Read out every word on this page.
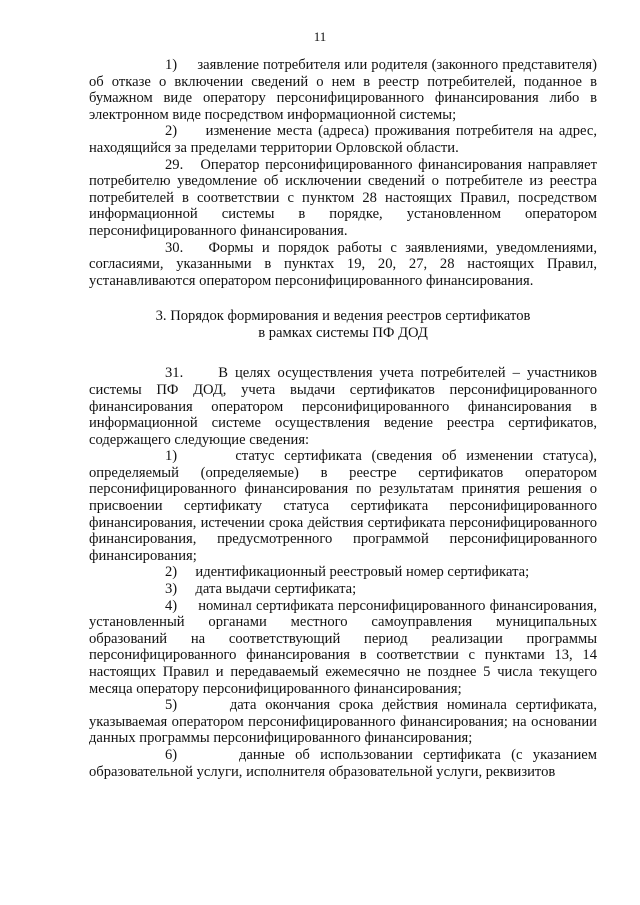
11

1) заявление потребителя или родителя (законного представителя) об отказе о включении сведений о нем в реестр потребителей, поданное в бумажном виде оператору персонифицированного финансирования либо в электронном виде посредством информационной системы;

2) изменение места (адреса) проживания потребителя на адрес, находящийся за пределами территории Орловской области.

29. Оператор персонифицированного финансирования направляет потребителю уведомление об исключении сведений о потребителе из реестра потребителей в соответствии с пунктом 28 настоящих Правил, посредством информационной системы в порядке, установленном оператором персонифицированного финансирования.

30. Формы и порядок работы с заявлениями, уведомлениями, согласиями, указанными в пунктах 19, 20, 27, 28 настоящих Правил, устанавливаются оператором персонифицированного финансирования.

3. Порядок формирования и ведения реестров сертификатов
в рамках системы ПФ ДОД

31. В целях осуществления учета потребителей – участников системы ПФ ДОД, учета выдачи сертификатов персонифицированного финансирования оператором персонифицированного финансирования в информационной системе осуществления ведение реестра сертификатов, содержащего следующие сведения:

1)	статус сертификата (сведения об изменении статуса), определяемый (определяемые) в реестре сертификатов оператором персонифицированного финансирования по результатам принятия решения о присвоении сертификату статуса сертификата персонифицированного финансирования, истечении срока действия сертификата персонифицированного финансирования, предусмотренного программой персонифицированного финансирования;

2) идентификационный реестровый номер сертификата;

3) дата выдачи сертификата;

4) номинал сертификата персонифицированного финансирования, установленный органами местного самоуправления муниципальных образований на соответствующий период реализации программы персонифицированного финансирования в соответствии с пунктами 13, 14 настоящих Правил и передаваемый ежемесячно не позднее 5 числа текущего месяца оператору персонифицированного финансирования;

5)	дата окончания срока действия номинала сертификата, указываемая оператором персонифицированного финансирования; на основании данных программы персонифицированного финансирования;

6)	данные об использовании сертификата (с указанием образовательной услуги, исполнителя образовательной услуги, реквизитов
